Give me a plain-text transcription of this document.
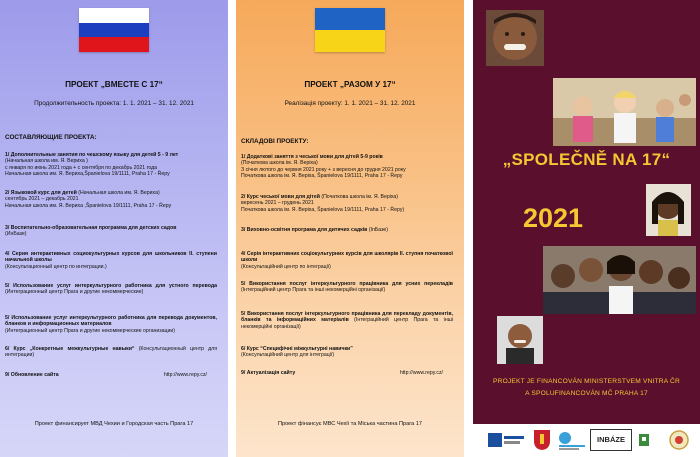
ПРОЕКТ „ВМЕСТЕ С 17“
Продолжительность проекта: 1. 1. 2021 – 31. 12. 2021
СОСТАВЛЯЮЩИЕ ПРОЕКТА:
1/ Дополнительные занятия по чешскому языку для детей 5 - 9 лет
(Начальная школа им. Я. Вериха )
с января по июнь 2021 года + с сентября по декабрь 2021 года
Начальная школа им. Я. Вериха,Španielova 19/1111, Praha 17 - Řepy
2/ Языковой курс для детей (Начальная школа им. Я. Вериха)
сентябрь 2021 – декабрь 2021
Начальная школа им. Я. Вериха ,Španielova 19/1111, Praha 17 - Řepy
3/ Воспитательно-образовательная программа для детских садов
(ИнБазе)
4/ Серия интерактивных социокультурных курсов для школьников II. ступени начальной школы
(Консультационный центр по интеграции.)
5/ Использование услуг интеркультурного работника для устного перевода (Интеграционный центр Прага и другие некоммерческие)
5/ Использование услуг интеркультурного работника для перевода документов, бланков и информационных материалов
(Интеграционный центр Прага и другие некоммерческие организации)
6/ Курс „Конкретные межкультурные навыки“ (Консультационный центр для интеграции)
9/ Обновление сайта	http://www.repy.cz/
Проект финансирует МВД Чехии и Городская часть Прага 17
ПРОЕКТ „РАЗОМ У 17“
Реалізація проекту: 1. 1. 2021 – 31. 12. 2021
СКЛАДОВІ ПРОЕКТУ:
1/ Додаткові заняття з чеської мови для дітей 5-9 років
(Початкова школа ім. Я. Веріха)
З січня лютого до червня 2021 року + з вересня до грудня 2021 року
Початкова школа ім. Я. Веріха, Španielova 19/1111, Praha 17 - Řepy
2/ Курс чеської мови для дітей (Початкова школа ім. Я. Веріха)
вересень 2021 – грудень 2021
Початкова школа ім. Я. Веріха, Španielova 19/1111, Praha 17 - Řepy)
3/ Виховно-освітня програма для дитячих садків (InБазе)
4/ Серія інтерактивних соціокультурних курсів для школярів II. ступня початкової школи
(Консультаційний центр по інтеграції)
5/ Використання послуг інтеркультурного працівника для усних перекладів (Інтеграційний центр Прага та інші некомерційні організації)
5/ Використання послуг інтеркультурного працівника для перекладу документів, бланків та інформаційних матеріалів (Інтеграційний центр Прага та інші некомерційні організації)
6/ Курс “Специфічні міжкультурні навички”
(Консультаційний центр для інтеграції)
9/ Актуалізація сайту	http://www.repy.cz/
Проект фінансує МВС Чехії та Міська частина Прага 17
„SPOLEČNĚ NA 17“
2021
PROJEKT JE FINANCOVÁN MINISTERSTVEM VNITRA ČR
A SPOLUFINANCOVÁN MČ PRAHA 17
INBÁZE
